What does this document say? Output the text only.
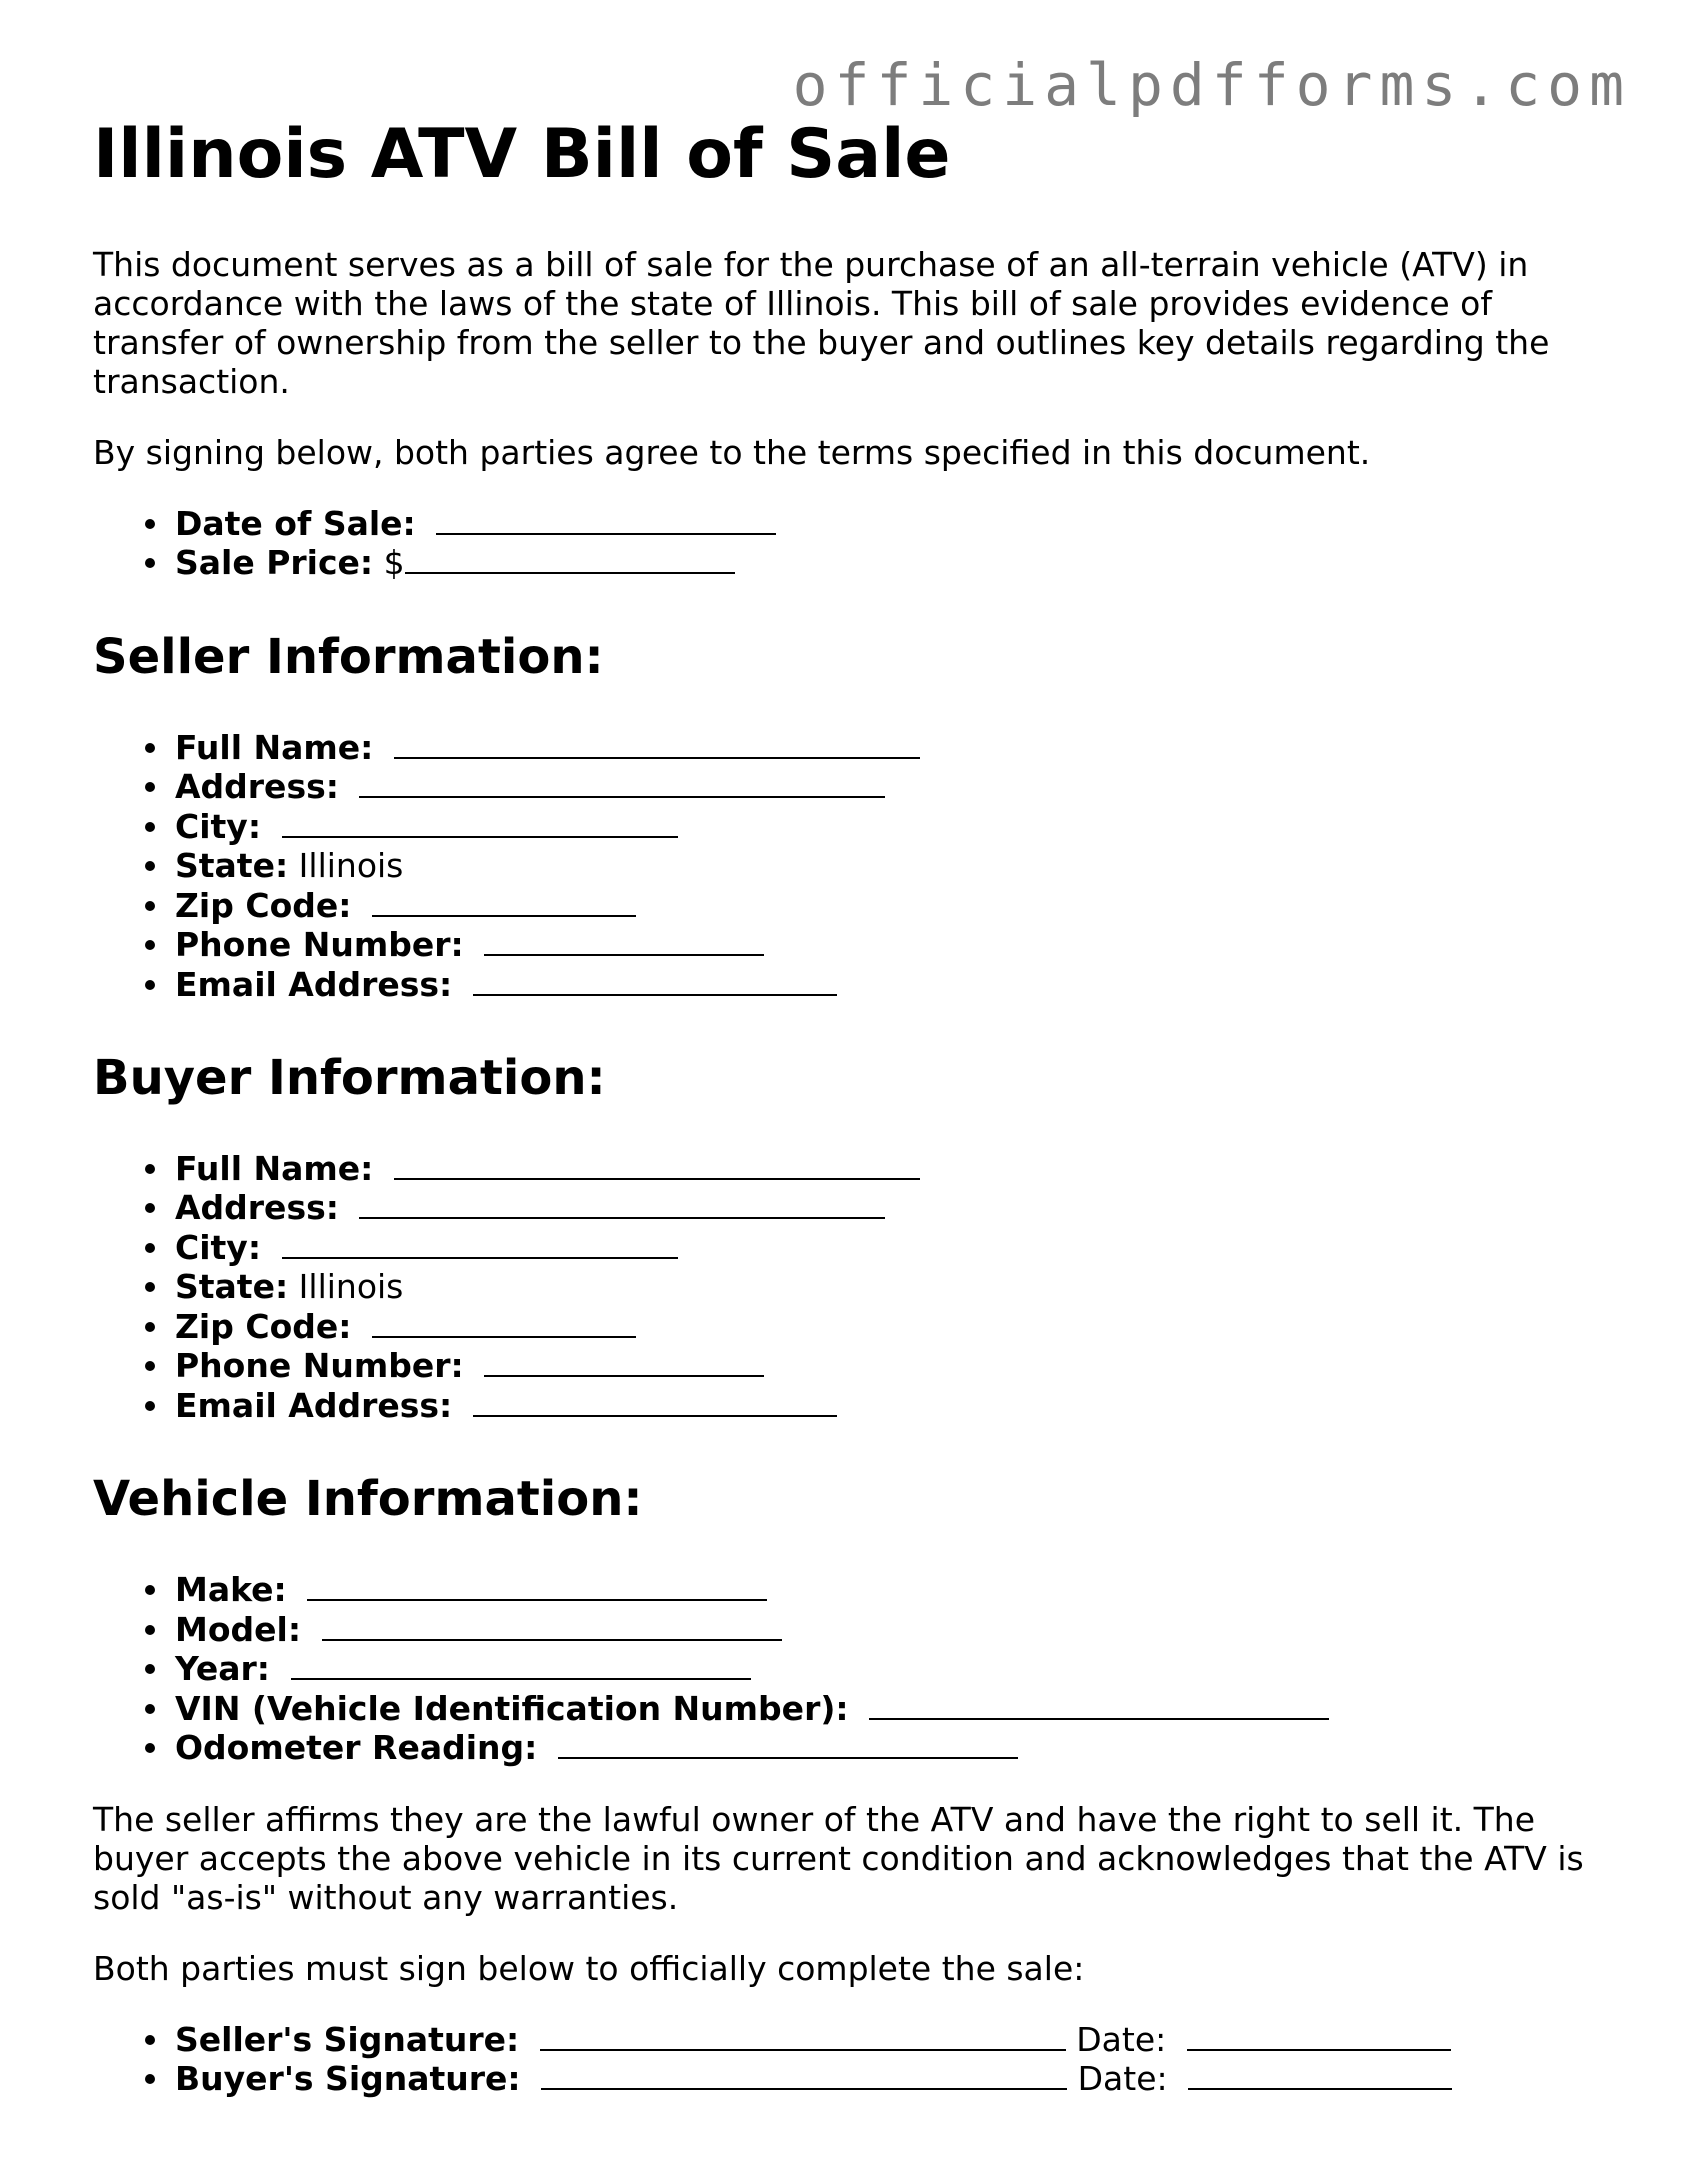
officialpdfforms.com
Illinois ATV Bill of Sale

This document serves as a bill of sale for the purchase of an all-terrain vehicle (ATV) in accordance with the laws of the state of Illinois. This bill of sale provides evidence of transfer of ownership from the seller to the buyer and outlines key details regarding the transaction.

By signing below, both parties agree to the terms specified in this document.

Date of Sale:
Sale Price: $
Seller Information:
Full Name:
Address:
City:
State: Illinois
Zip Code:
Phone Number:
Email Address:
Buyer Information:
Full Name:
Address:
City:
State: Illinois
Zip Code:
Phone Number:
Email Address:
Vehicle Information:
Make:
Model:
Year:
VIN (Vehicle Identification Number):
Odometer Reading:

The seller affirms they are the lawful owner of the ATV and have the right to sell it. The buyer accepts the above vehicle in its current condition and acknowledges that the ATV is sold "as-is" without any warranties.

Both parties must sign below to officially complete the sale:

Seller's Signature:	Date:
Buyer's Signature:	Date:
